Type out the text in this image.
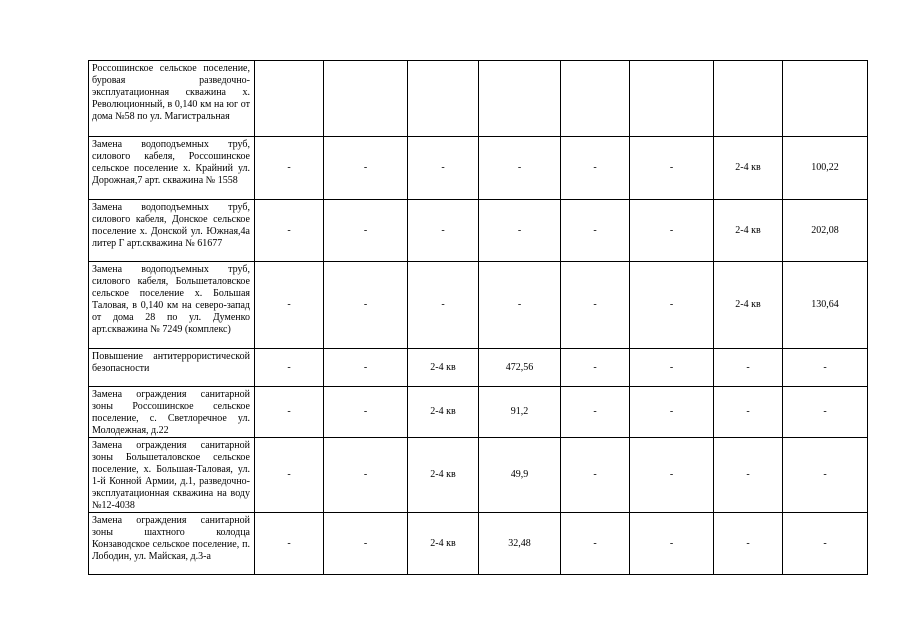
Россошинское сельское поселение, буровая разведочно-эксплуатационная скважина х. Революционный, в 0,140 км на юг от дома №58 по ул. Магистральная								
Замена водоподъемных труб, силового кабеля, Россошинское сельское поселение х. Крайний ул. Дорожная,7 арт. скважина № 1558	-	-	-	-	-	-	2-4 кв	100,22
Замена водоподъемных труб, силового кабеля, Донское сельское поселение х. Донской ул. Южная,4а литер Г арт.скважина № 61677	-	-	-	-	-	-	2-4 кв	202,08
Замена водоподъемных труб, силового кабеля, Большеталовское сельское поселение х. Большая Таловая, в 0,140 км на северо-запад от дома 28 по ул. Думенко арт.скважина № 7249 (комплекс)	-	-	-	-	-	-	2-4 кв	130,64
Повышение антитеррористической безопасности	-	-	2-4 кв	472,56	-	-	-	-
Замена ограждения санитарной зоны Россошинское сельское поселение, с. Светлоречное ул. Молодежная, д.22	-	-	2-4 кв	91,2	-	-	-	-
Замена ограждения санитарной зоны Большеталовское сельское поселение, х. Большая-Таловая, ул. 1-й Конной Армии, д.1, разведочно-эксплуатационная скважина на воду №12-4038	-	-	2-4 кв	49,9	-	-	-	-
Замена ограждения санитарной зоны шахтного колодца Конзаводское сельское поселение, п. Лободин, ул. Майская, д.3-а	-	-	2-4 кв	32,48	-	-	-	-
